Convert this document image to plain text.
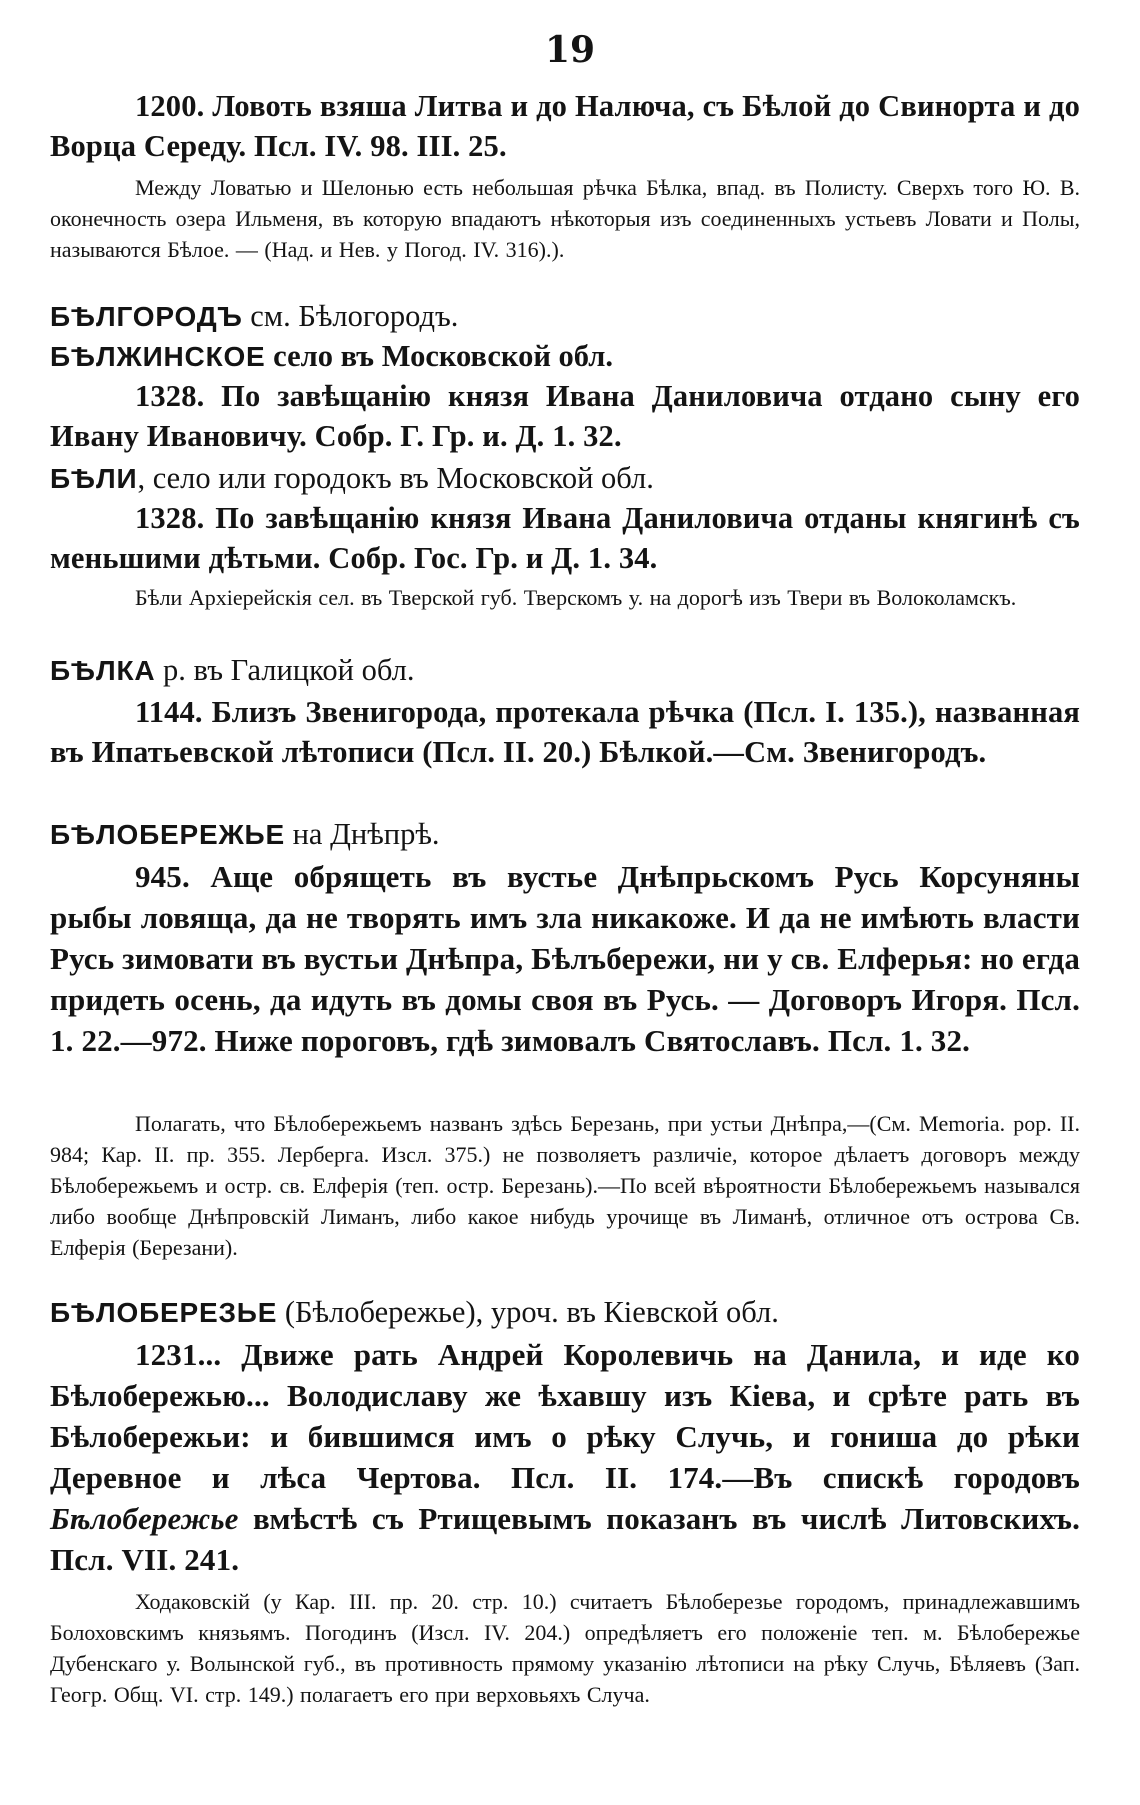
19

1200. Ловоть взяша Литва и до Налюча, съ Бѣлой до Свинорта и до Ворца Середу. Псл. IV. 98. III. 25.

Между Ловатью и Шелонью есть небольшая рѣчка Бѣлка, впад. въ Полисту. Сверхъ того Ю. В. оконечность озера Ильменя, въ которую впадаютъ нѣкоторыя изъ соединенныхъ устьевъ Ловати и Полы, называются Бѣлое. — (Над. и Нев. у Погод. IV. 316).).

БѢЛГОРОДЪ см. Бѣлогородъ.

БѢЛЖИНСКОЕ село въ Московской обл.

1328. По завѣщанію князя Ивана Даниловича отдано сыну его Ивану Ивановичу. Собр. Г. Гр. и. Д. 1. 32.

БѢЛИ, село или городокъ въ Московской обл.

1328. По завѣщанію князя Ивана Даниловича отданы княгинѣ съ меньшими дѣтьми. Собр. Гос. Гр. и Д. 1. 34.

Бѣли Архіерейскія сел. въ Тверской губ. Тверскомъ у. на дорогѣ изъ Твери въ Волоколамскъ.

БѢЛКА р. въ Галицкой обл.

1144. Близъ Звенигорода, протекала рѣчка (Псл. I. 135.), названная въ Ипатьевской лѣтописи (Псл. II. 20.) Бѣлкой.—См. Звенигородъ.

БѢЛОБЕРЕЖЬЕ на Днѣпрѣ.

945. Аще обрящеть въ вустье Днѣпрьскомъ Русь Корсуняны рыбы ловяща, да не творять имъ зла никакоже. И да не имѣють власти Русь зимовати въ вустьи Днѣпра, Бѣлъбережи, ни у св. Елферья: но егда придеть осень, да идуть въ домы своя въ Русь. — Договоръ Игоря. Псл. 1. 22.—972. Ниже пороговъ, гдѣ зимовалъ Святославъ. Псл. 1. 32.

Полагать, что Бѣлобережьемъ названъ здѣсь Березань, при устьи Днѣпра,—(См. Memoria. pop. II. 984; Кар. II. пр. 355. Лерберга. Изсл. 375.) не позволяетъ различіе, которое дѣлаетъ договоръ между Бѣлобережьемъ и остр. св. Елферія (теп. остр. Березань).—По всей вѣроятности Бѣлобережьемъ назывался либо вообще Днѣпровскій Лиманъ, либо какое нибудь урочище въ Лиманѣ, отличное отъ острова Св. Елферія (Березани).

БѢЛОБЕРЕЗЬЕ (Бѣлобережье), уроч. въ Кіевской обл.

1231... Движе рать Андрей Королевичь на Данила, и иде ко Бѣлобережью... Володиславу же ѣхавшу изъ Кіева, и срѣте рать въ Бѣлобережьи: и бившимся имъ о рѣку Случь, и гониша до рѣки Деревное и лѣса Чертова. Псл. II. 174.—Въ спискѣ городовъ Бѣлобережье вмѣстѣ съ Ртищевымъ показанъ въ числѣ Литовскихъ. Псл. VII. 241.

Ходаковскій (у Кар. III. пр. 20. стр. 10.) считаетъ Бѣлоберезье городомъ, принадлежавшимъ Болоховскимъ князьямъ. Погодинъ (Изсл. IV. 204.) опредѣляетъ его положеніе теп. м. Бѣлобережье Дубенскаго у. Волынской губ., въ противность прямому указанію лѣтописи на рѣку Случь, Бѣляевъ (Зап. Геогр. Общ. VI. стр. 149.) полагаетъ его при верховьяхъ Случа.
